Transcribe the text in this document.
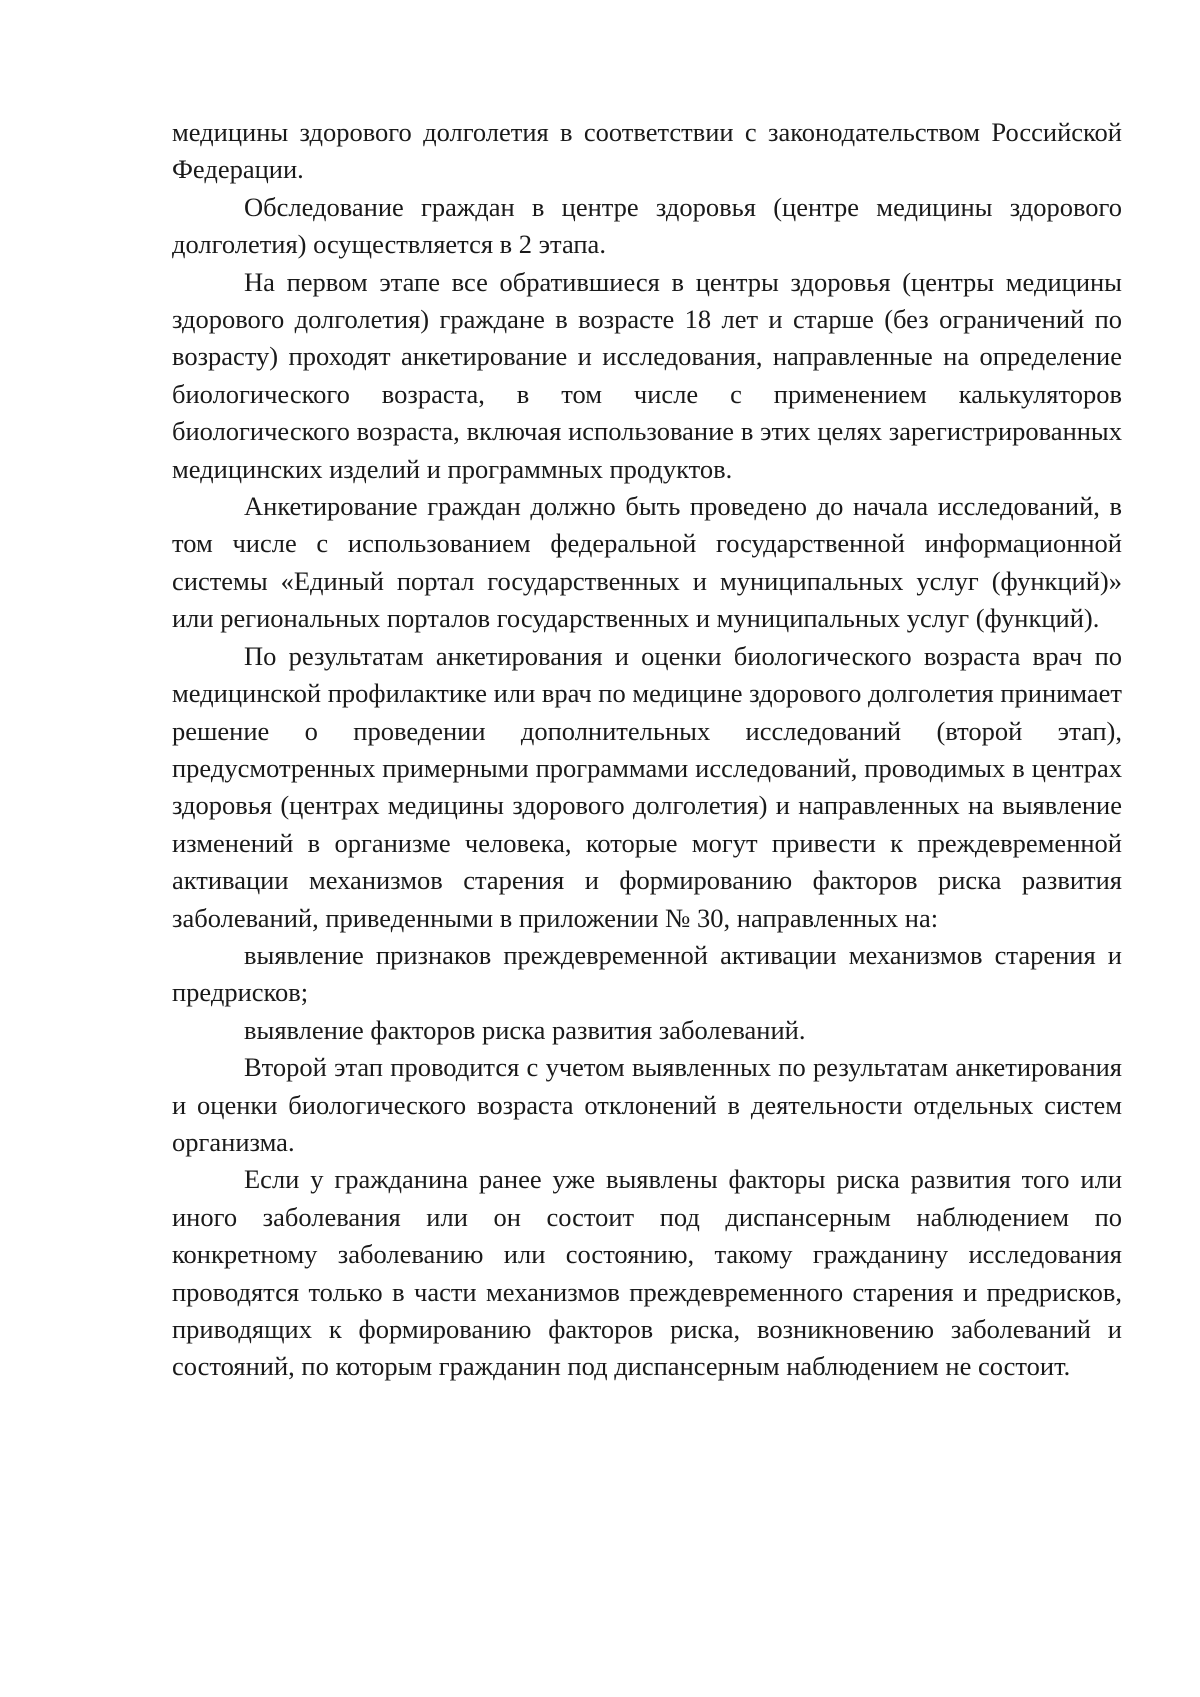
медицины здорового долголетия в соответствии с законодательством Российской Федерации.

Обследование граждан в центре здоровья (центре медицины здорового долголетия) осуществляется в 2 этапа.

На первом этапе все обратившиеся в центры здоровья (центры медицины здорового долголетия) граждане в возрасте 18 лет и старше (без ограничений по возрасту) проходят анкетирование и исследования, направленные на определение биологического возраста, в том числе с применением калькуляторов биологического возраста, включая использование в этих целях зарегистрированных медицинских изделий и программных продуктов.

Анкетирование граждан должно быть проведено до начала исследований, в том числе с использованием федеральной государственной информационной системы «Единый портал государственных и муниципальных услуг (функций)» или региональных порталов государственных и муниципальных услуг (функций).

По результатам анкетирования и оценки биологического возраста врач по медицинской профилактике или врач по медицине здорового долголетия принимает решение о проведении дополнительных исследований (второй этап), предусмотренных примерными программами исследований, проводимых в центрах здоровья (центрах медицины здорового долголетия) и направленных на выявление изменений в организме человека, которые могут привести к преждевременной активации механизмов старения и формированию факторов риска развития заболеваний, приведенными в приложении № 30, направленных на:

выявление признаков преждевременной активации механизмов старения и предрисков;

выявление факторов риска развития заболеваний.

Второй этап проводится с учетом выявленных по результатам анкетирования и оценки биологического возраста отклонений в деятельности отдельных систем организма.

Если у гражданина ранее уже выявлены факторы риска развития того или иного заболевания или он состоит под диспансерным наблюдением по конкретному заболеванию или состоянию, такому гражданину исследования проводятся только в части механизмов преждевременного старения и предрисков, приводящих к формированию факторов риска, возникновению заболеваний и состояний, по которым гражданин под диспансерным наблюдением не состоит.
